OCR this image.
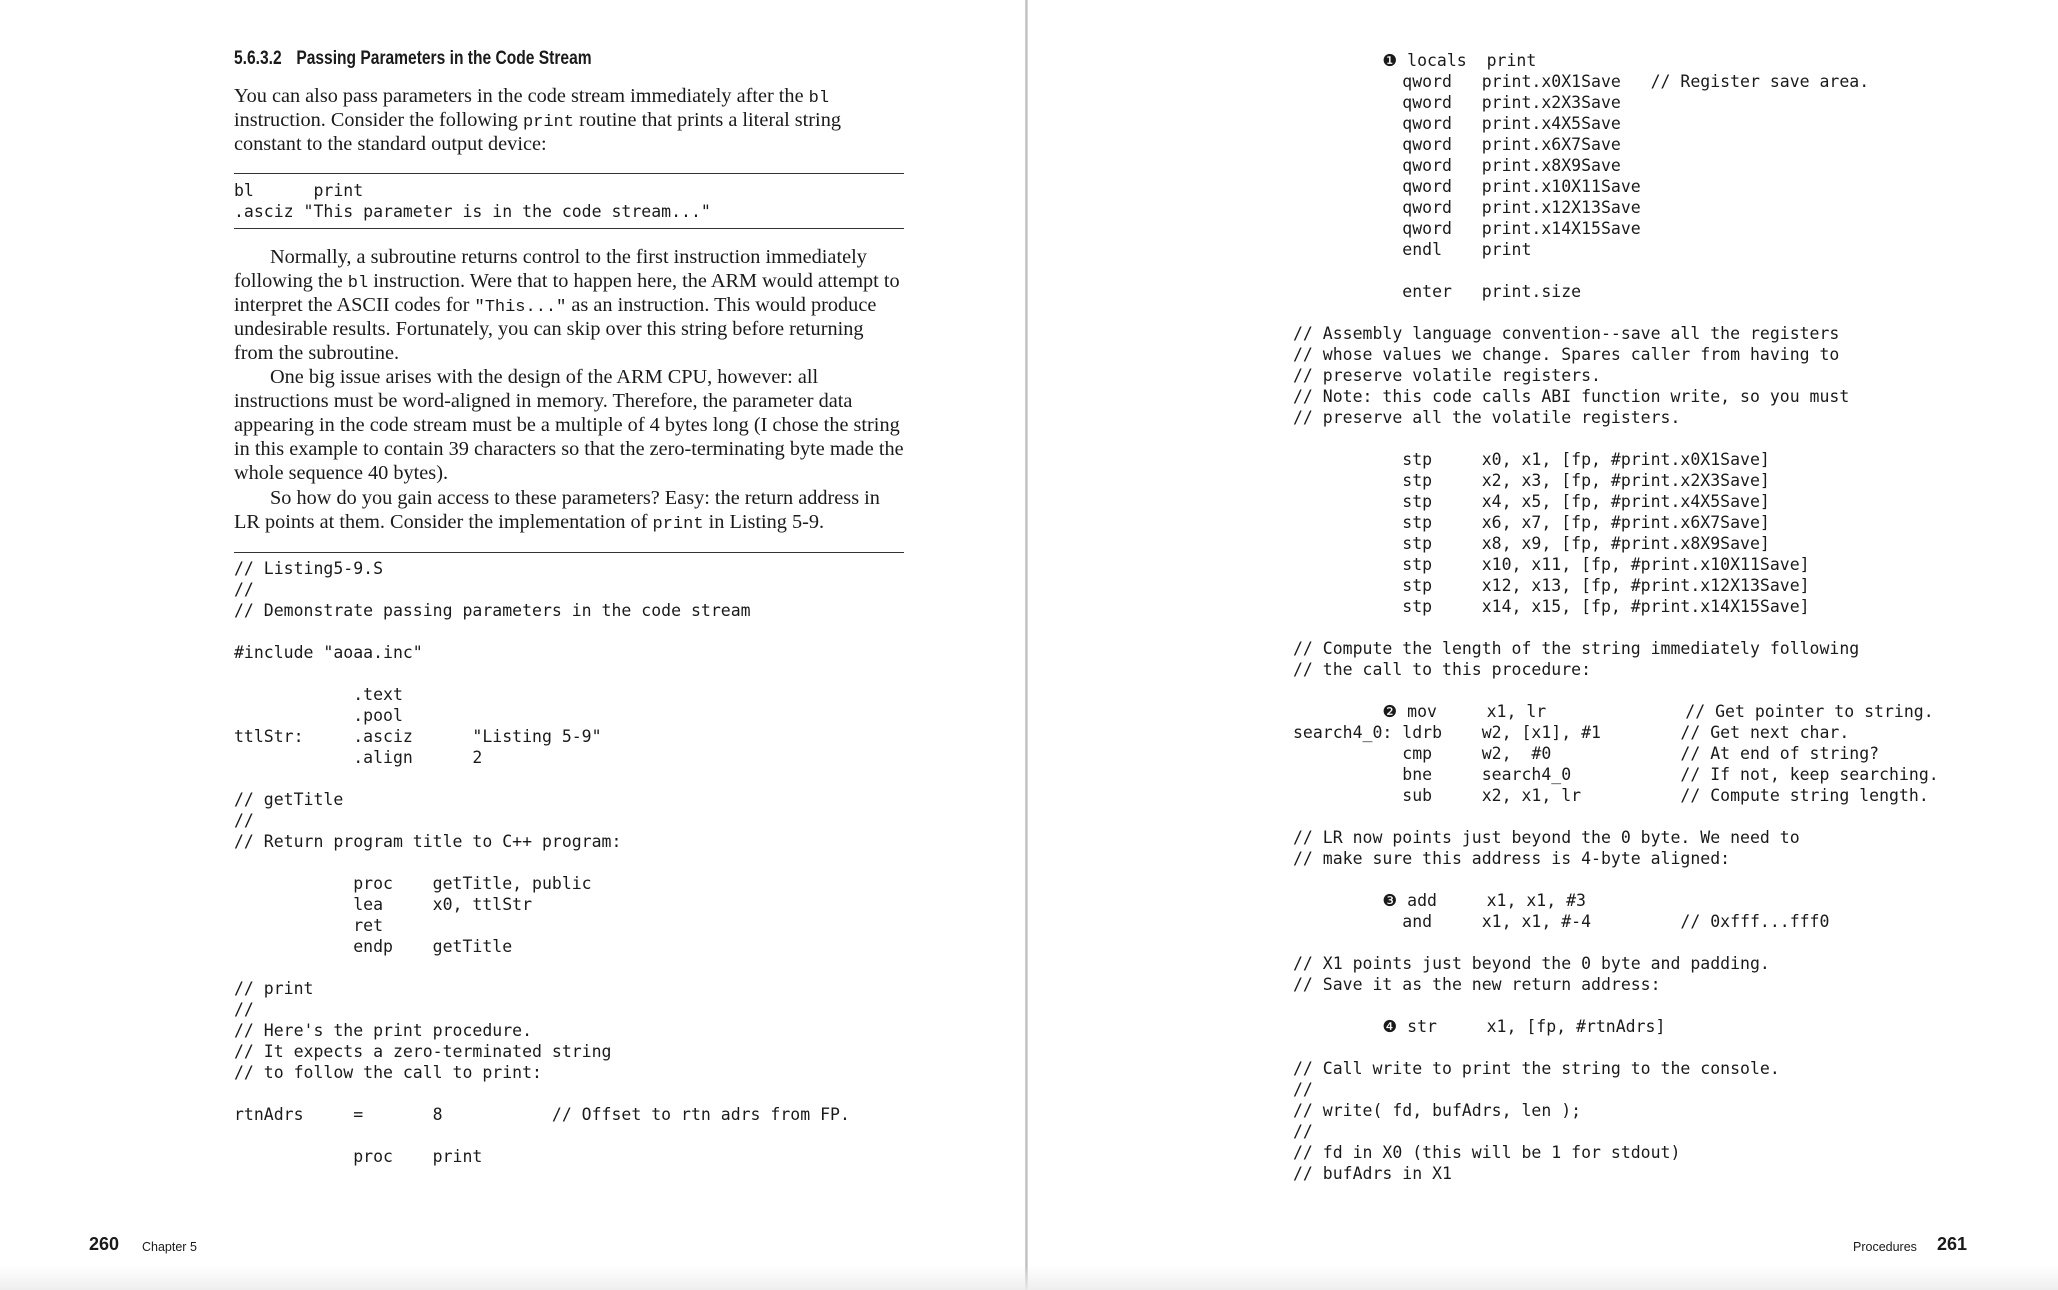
5.6.3.2 Passing Parameters in the Code Stream

You can also pass parameters in the code stream immediately after the bl instruction. Consider the following print routine that prints a literal string constant to the standard output device:

bl      print
.asciz "This parameter is in the code stream..."

Normally, a subroutine returns control to the first instruction immediately following the bl instruction. Were that to happen here, the ARM would attempt to interpret the ASCII codes for "This..." as an instruction. This would produce undesirable results. Fortunately, you can skip over this string before returning from the subroutine.

One big issue arises with the design of the ARM CPU, however: all instructions must be word-aligned in memory. Therefore, the parameter data appearing in the code stream must be a multiple of 4 bytes long (I chose the string in this example to contain 39 characters so that the zero-terminating byte made the whole sequence 40 bytes).

So how do you gain access to these parameters? Easy: the return address in LR points at them. Consider the implementation of print in Listing 5-9.

// Listing5-9.S
//
// Demonstrate passing parameters in the code stream

#include "aoaa.inc"

.text
.pool
ttlStr:     .asciz      "Listing 5-9"
.align      2

// getTitle
//
// Return program title to C++ program:

proc    getTitle, public
lea     x0, ttlStr
ret
endp    getTitle

// print
//
// Here's the print procedure.
// It expects a zero-terminated string
// to follow the call to print:

rtnAdrs     =       8           // Offset to rtn adrs from FP.

proc    print
260 Chapter 5	Procedures 261
❶ locals  print
qword   print.x0X1Save   // Register save area.
qword   print.x2X3Save
qword   print.x4X5Save
qword   print.x6X7Save
qword   print.x8X9Save
qword   print.x10X11Save
qword   print.x12X13Save
qword   print.x14X15Save
endl    print

enter   print.size

// Assembly language convention--save all the registers
// whose values we change. Spares caller from having to
// preserve volatile registers.
// Note: this code calls ABI function write, so you must
// preserve all the volatile registers.

stp     x0, x1, [fp, #print.x0X1Save]
stp     x2, x3, [fp, #print.x2X3Save]
stp     x4, x5, [fp, #print.x4X5Save]
stp     x6, x7, [fp, #print.x6X7Save]
stp     x8, x9, [fp, #print.x8X9Save]
stp     x10, x11, [fp, #print.x10X11Save]
stp     x12, x13, [fp, #print.x12X13Save]
stp     x14, x15, [fp, #print.x14X15Save]

// Compute the length of the string immediately following
// the call to this procedure:

❷ mov     x1, lr              // Get pointer to string.
search4_0: ldrb    w2, [x1], #1        // Get next char.
cmp     w2,  #0             // At end of string?
bne     search4_0           // If not, keep searching.
sub     x2, x1, lr          // Compute string length.

// LR now points just beyond the 0 byte. We need to
// make sure this address is 4-byte aligned:

❸ add     x1, x1, #3
and     x1, x1, #-4         // 0xfff...fff0

// X1 points just beyond the 0 byte and padding.
// Save it as the new return address:

❹ str     x1, [fp, #rtnAdrs]

// Call write to print the string to the console.
//
// write( fd, bufAdrs, len );
//
// fd in X0 (this will be 1 for stdout)
// bufAdrs in X1
